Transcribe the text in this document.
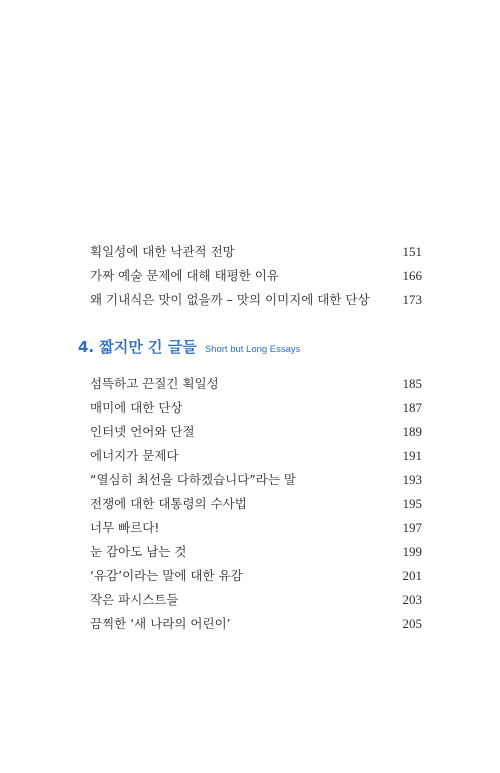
획일성에 대한 낙관적 전망	151
가짜 예술 문제에 대해 태평한 이유	166
왜 기내식은 맛이 없을까 – 맛의 이미지에 대한 단상	173
4. 짧지만 긴 글들 Short but Long Essays
섬뜩하고 끈질긴 획일성	185
매미에 대한 단상	187
인터넷 언어와 단절	189
에너지가 문제다	191
“열심히 최선을 다하겠습니다”라는 말	193
전쟁에 대한 대통령의 수사법	195
너무 빠르다!	197
눈 감아도 남는 것	199
‘유감’이라는 말에 대한 유감	201
작은 파시스트들	203
끔찍한 ‘새 나라의 어린이’	205
